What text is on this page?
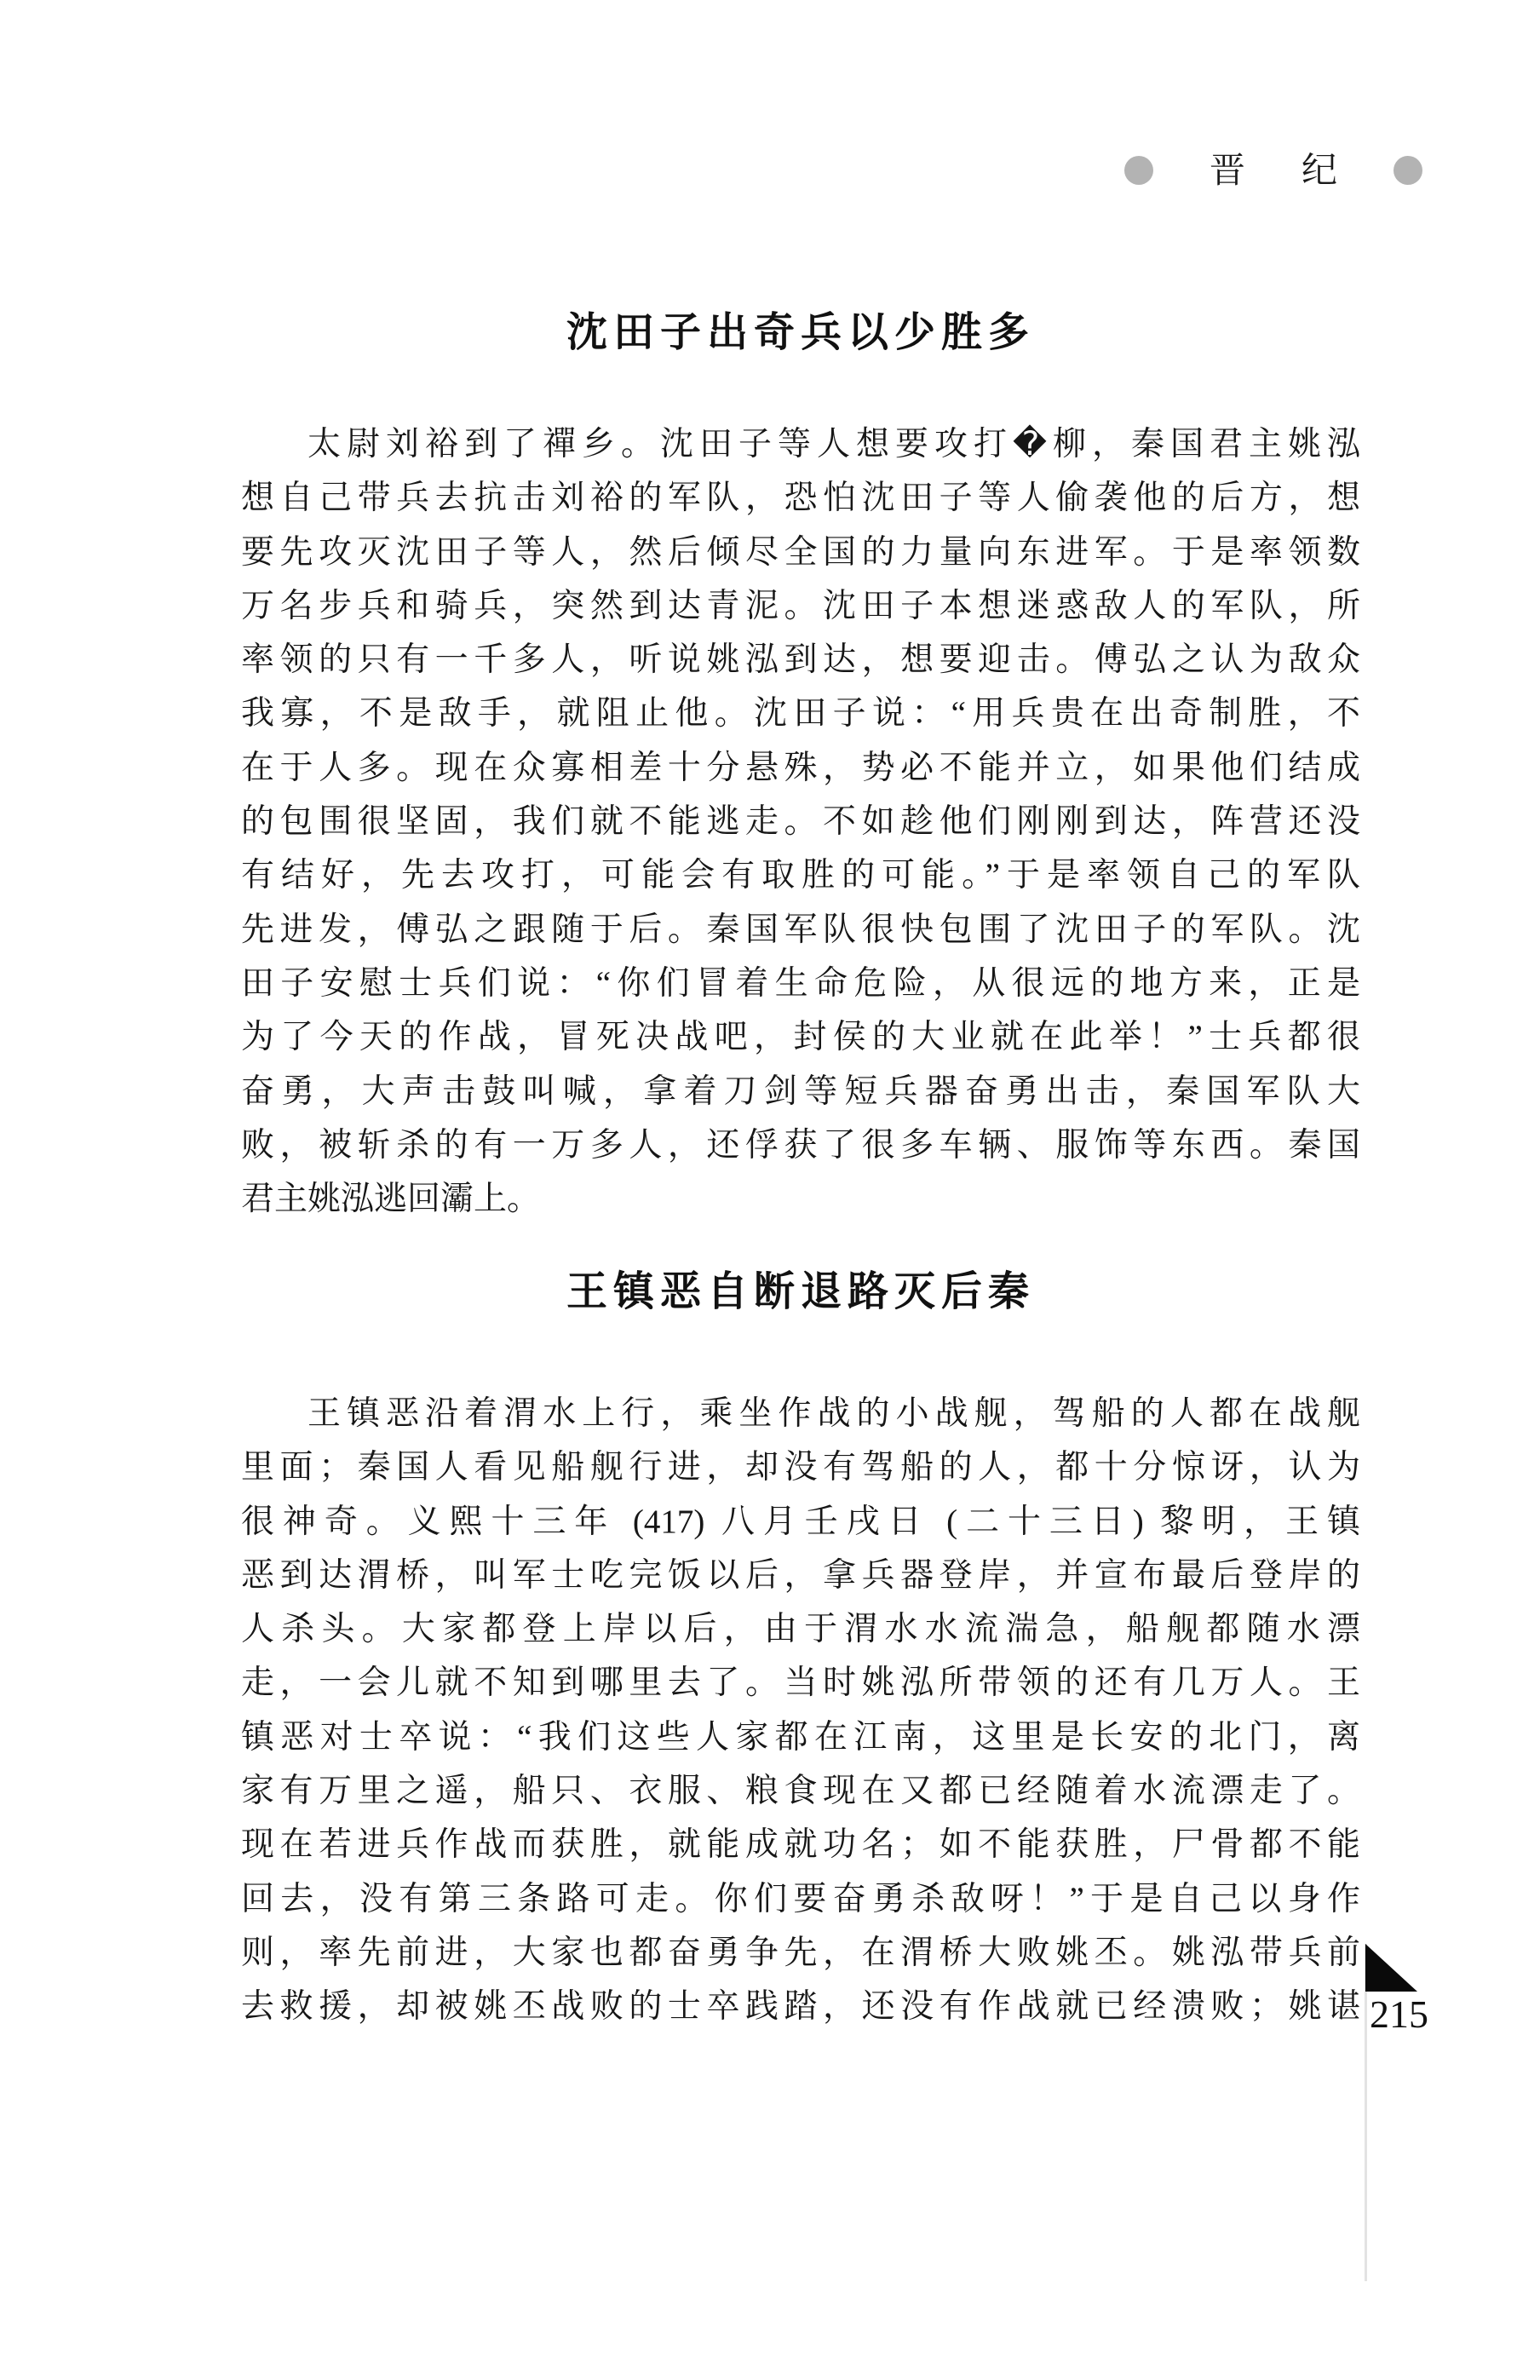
晋 纪
沈田子出奇兵以少胜多
太尉刘裕到了禪乡。沈田子等人想要攻打�柳，秦国君主姚泓
想自己带兵去抗击刘裕的军队，恐怕沈田子等人偷袭他的后方，想
要先攻灭沈田子等人，然后倾尽全国的力量向东进军。于是率领数
万名步兵和骑兵，突然到达青泥。沈田子本想迷惑敌人的军队，所
率领的只有一千多人，听说姚泓到达，想要迎击。傅弘之认为敌众
我寡，不是敌手，就阻止他。沈田子说：“用兵贵在出奇制胜，不
在于人多。现在众寡相差十分悬殊，势必不能并立，如果他们结成
的包围很坚固，我们就不能逃走。不如趁他们刚刚到达，阵营还没
有结好，先去攻打，可能会有取胜的可能。”于是率领自己的军队
先进发，傅弘之跟随于后。秦国军队很快包围了沈田子的军队。沈
田子安慰士兵们说：“你们冒着生命危险，从很远的地方来，正是
为了今天的作战，冒死决战吧，封侯的大业就在此举！”士兵都很
奋勇，大声击鼓叫喊，拿着刀剑等短兵器奋勇出击，秦国军队大
败，被斩杀的有一万多人，还俘获了很多车辆、服饰等东西。秦国
君主姚泓逃回灞上。
王镇恶自断退路灭后秦
王镇恶沿着渭水上行，乘坐作战的小战舰，驾船的人都在战舰
里面；秦国人看见船舰行进，却没有驾船的人，都十分惊讶，认为
很神奇。义熙十三年 (417) 八月壬戌日 (二十三日) 黎明，王镇
恶到达渭桥，叫军士吃完饭以后，拿兵器登岸，并宣布最后登岸的
人杀头。大家都登上岸以后，由于渭水水流湍急，船舰都随水漂
走，一会儿就不知到哪里去了。当时姚泓所带领的还有几万人。王
镇恶对士卒说：“我们这些人家都在江南，这里是长安的北门，离
家有万里之遥，船只、衣服、粮食现在又都已经随着水流漂走了。
现在若进兵作战而获胜，就能成就功名；如不能获胜，尸骨都不能
回去，没有第三条路可走。你们要奋勇杀敌呀！”于是自己以身作
则，率先前进，大家也都奋勇争先，在渭桥大败姚丕。姚泓带兵前
去救援，却被姚丕战败的士卒践踏，还没有作战就已经溃败；姚谌 215
